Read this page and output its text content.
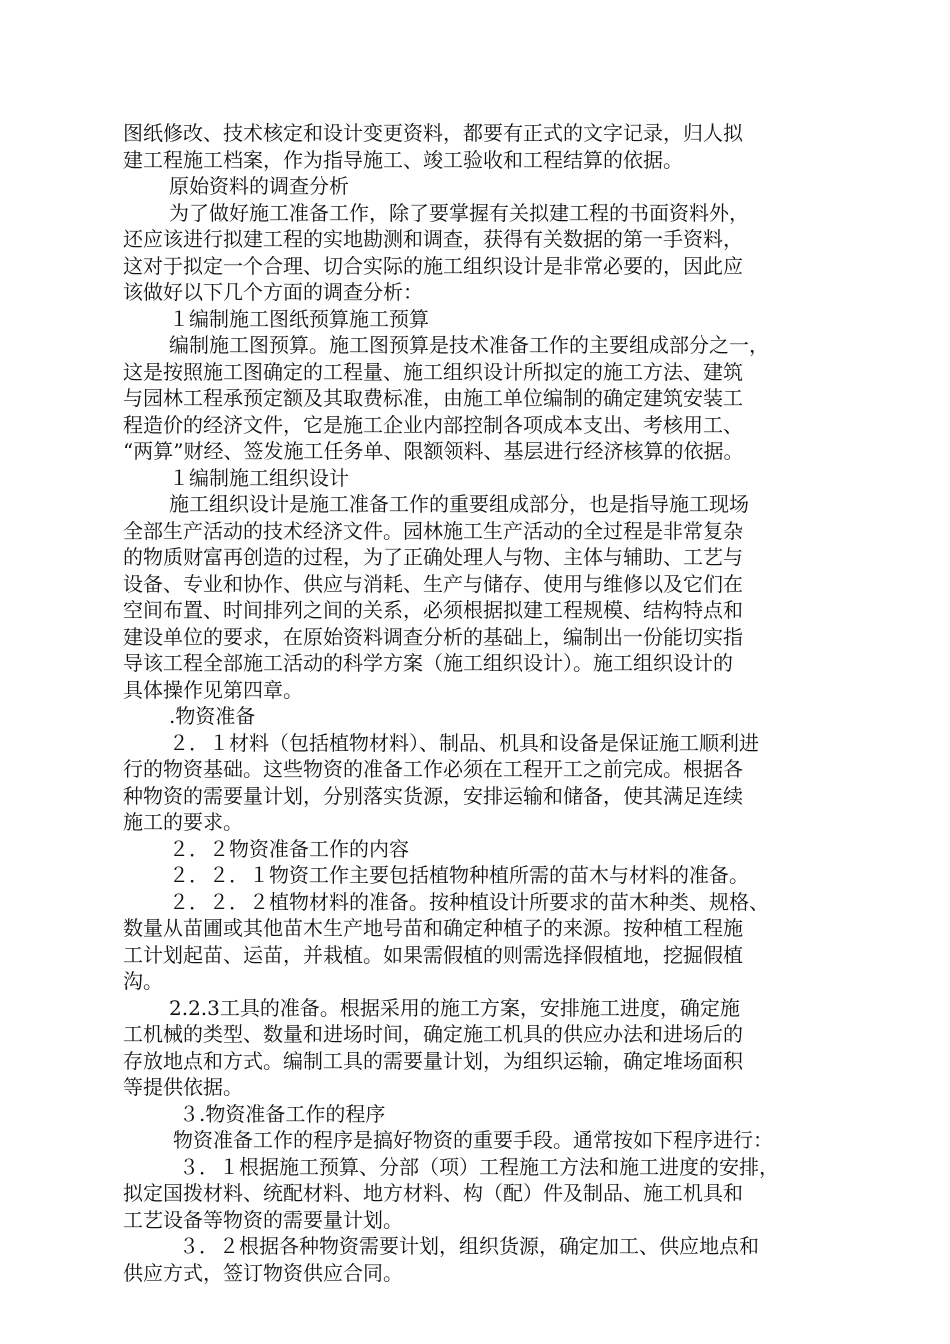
图纸修改、技术核定和设计变更资料，都要有正式的文字记录，归人拟
建工程施工档案，作为指导施工、竣工验收和工程结算的依据。
原始资料的调查分析
为了做好施工准备工作，除了要掌握有关拟建工程的书面资料外，
还应该进行拟建工程的实地勘测和调查，获得有关数据的第一手资料，
这对于拟定一个合理、切合实际的施工组织设计是非常必要的，因此应
该做好以下几个方面的调查分析：
１编制施工图纸预算施工预算
编制施工图预算。施工图预算是技术准备工作的主要组成部分之一，
这是按照施工图确定的工程量、施工组织设计所拟定的施工方法、建筑
与园林工程承预定额及其取费标准，由施工单位编制的确定建筑安装工
程造价的经济文件，它是施工企业内部控制各项成本支出、考核用工、
“两算”财经、签发施工任务单、限额领料、基层进行经济核算的依据。
１编制施工组织设计
施工组织设计是施工准备工作的重要组成部分，也是指导施工现场
全部生产活动的技术经济文件。园林施工生产活动的全过程是非常复杂
的物质财富再创造的过程，为了正确处理人与物、主体与辅助、工艺与
设备、专业和协作、供应与消耗、生产与储存、使用与维修以及它们在
空间布置、时间排列之间的关系，必须根据拟建工程规模、结构特点和
建设单位的要求，在原始资料调查分析的基础上，编制出一份能切实指
导该工程全部施工活动的科学方案（施工组织设计）。施工组织设计的
具体操作见第四章。
.物资准备
２．１材料（包括植物材料）、制品、机具和设备是保证施工顺利进
行的物资基础。这些物资的准备工作必须在工程开工之前完成。根据各
种物资的需要量计划，分别落实货源，安排运输和储备，使其满足连续
施工的要求。
２．２物资准备工作的内容
２．２．１物资工作主要包括植物种植所需的苗木与材料的准备。
２．２．２植物材料的准备。按种植设计所要求的苗木种类、规格、
数量从苗圃或其他苗木生产地号苗和确定种植子的来源。按种植工程施
工计划起苗、运苗，并栽植。如果需假植的则需选择假植地，挖掘假植
沟。
2.2.3工具的准备。根据采用的施工方案，安排施工进度，确定施
工机械的类型、数量和进场时间，确定施工机具的供应办法和进场后的
存放地点和方式。编制工具的需要量计划，为组织运输，确定堆场面积
等提供依据。
３.物资准备工作的程序
物资准备工作的程序是搞好物资的重要手段。通常按如下程序进行：
３．１根据施工预算、分部（项）工程施工方法和施工进度的安排，
拟定国拨材料、统配材料、地方材料、构（配）件及制品、施工机具和
工艺设备等物资的需要量计划。
３．２根据各种物资需要计划，组织货源，确定加工、供应地点和
供应方式，签订物资供应合同。
